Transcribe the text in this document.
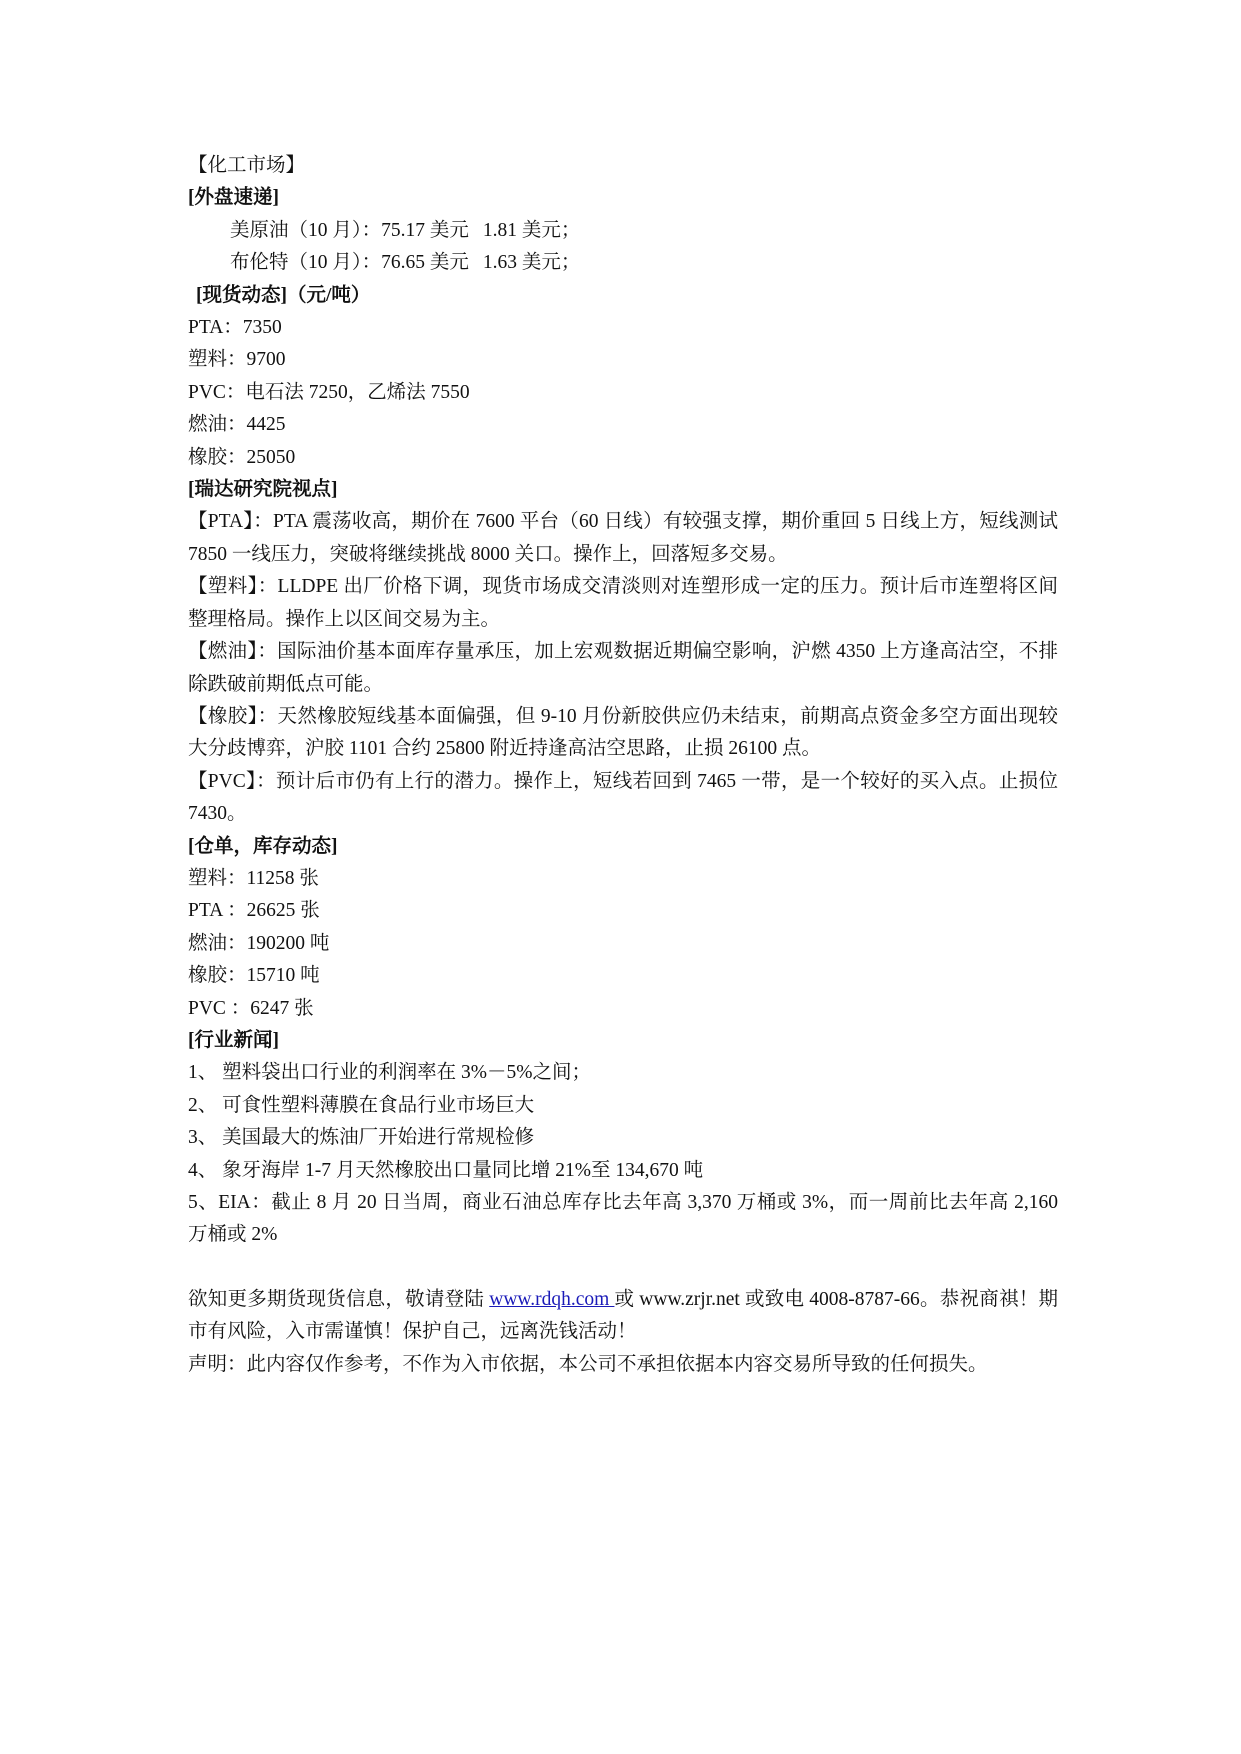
【化工市场】
[外盘速递]
美原油（10 月）：75.17 美元 1.81 美元；
布伦特（10 月）：76.65 美元 1.63 美元；
[现货动态]（元/吨）
PTA：7350
塑料：9700
PVC：电石法 7250，乙烯法 7550
燃油：4425
橡胶：25050
[瑞达研究院视点]
【PTA】：PTA 震荡收高，期价在 7600 平台（60 日线）有较强支撑，期价重回 5 日线上方，短线测试 7850 一线压力，突破将继续挑战 8000 关口。操作上，回落短多交易。
【塑料】：LLDPE 出厂价格下调，现货市场成交清淡则对连塑形成一定的压力。预计后市连塑将区间整理格局。操作上以区间交易为主。
【燃油】：国际油价基本面库存量承压，加上宏观数据近期偏空影响，沪燃 4350 上方逢高沽空，不排除跌破前期低点可能。
【橡胶】：天然橡胶短线基本面偏强，但 9-10 月份新胶供应仍未结束，前期高点资金多空方面出现较大分歧博弈，沪胶 1101 合约 25800 附近持逢高沽空思路，止损 26100 点。
【PVC】：预计后市仍有上行的潜力。操作上，短线若回到 7465 一带，是一个较好的买入点。止损位 7430。
[仓单，库存动态]
塑料：11258 张
PTA ：26625 张
燃油：190200 吨
橡胶：15710 吨
PVC ：6247 张
[行业新闻]
1、 塑料袋出口行业的利润率在 3%－5%之间；
2、 可食性塑料薄膜在食品行业市场巨大
3、 美国最大的炼油厂开始进行常规检修
4、 象牙海岸 1-7 月天然橡胶出口量同比增 21%至 134,670 吨
5、EIA：截止 8 月 20 日当周，商业石油总库存比去年高 3,370 万桶或 3%，而一周前比去年高 2,160 万桶或 2%
欲知更多期货现货信息，敬请登陆 www.rdqh.com 或 www.zrjr.net 或致电 4008-8787-66。恭祝商祺！期市有风险，入市需谨慎！保护自己，远离洗钱活动！
声明：此内容仅作参考，不作为入市依据，本公司不承担依据本内容交易所导致的任何损失。
